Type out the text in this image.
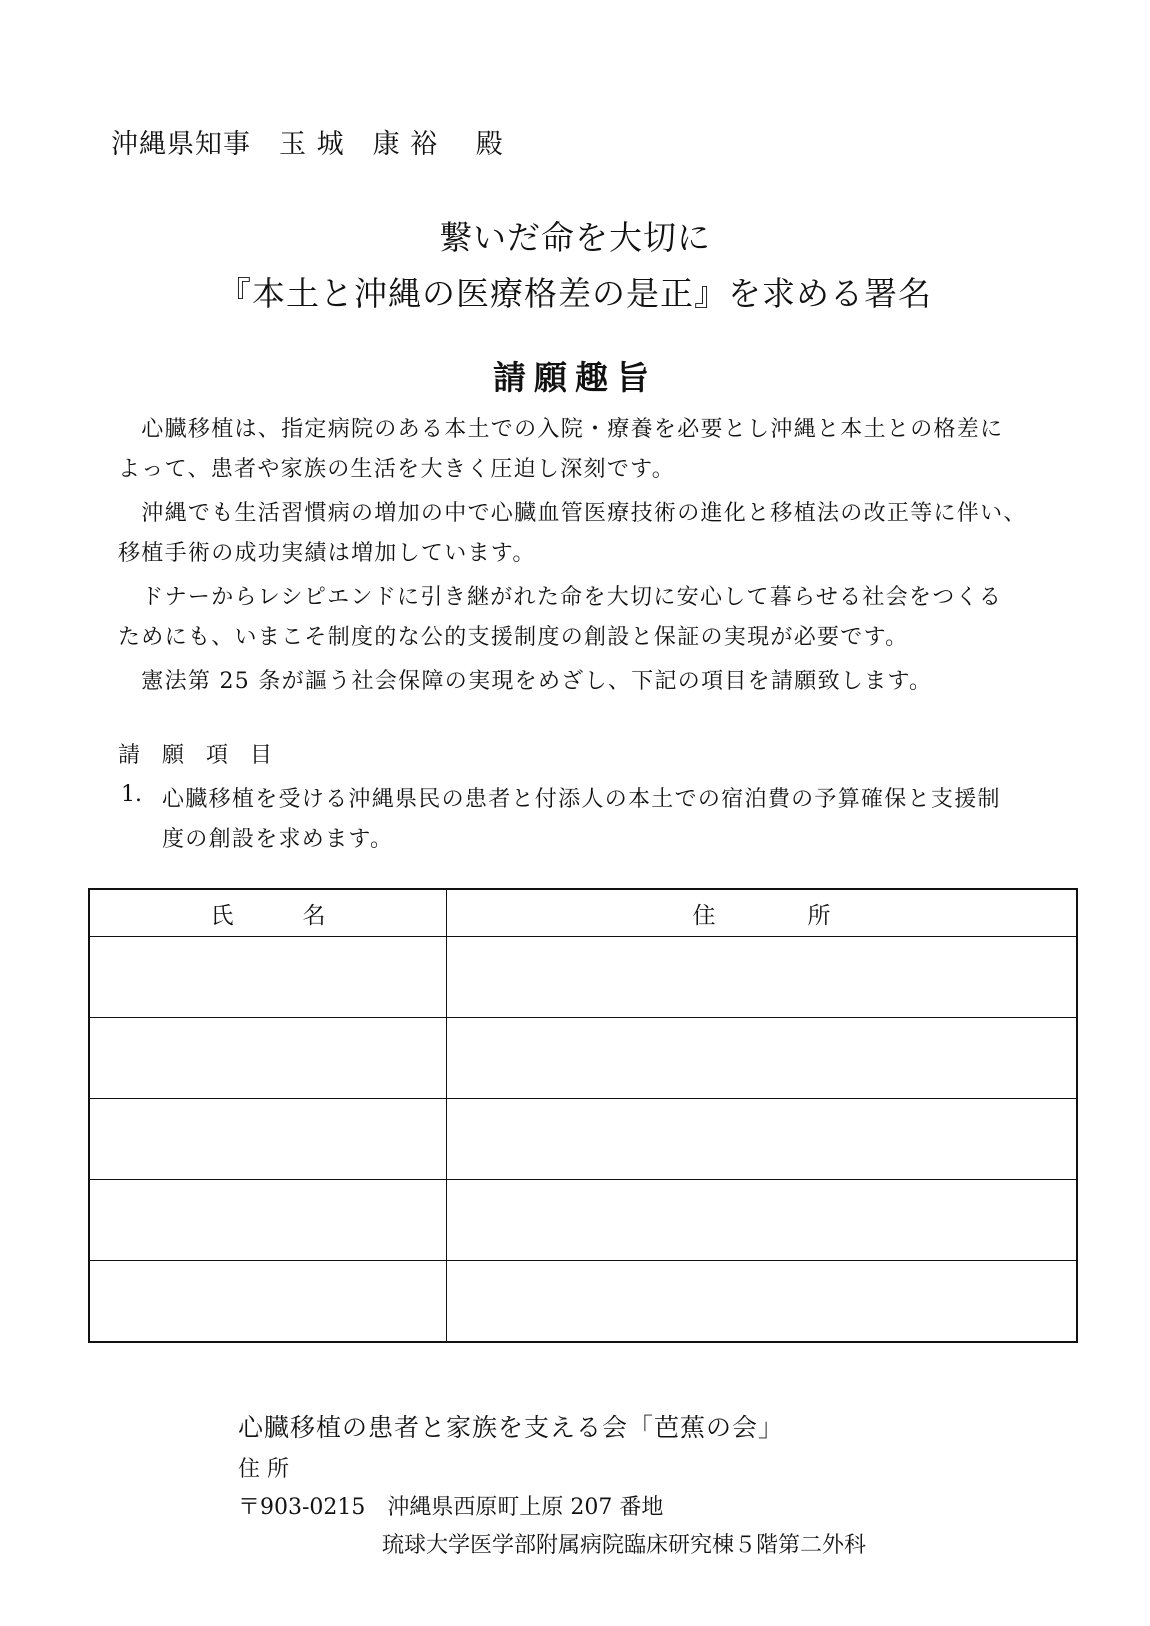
沖縄県知事　玉 城　康 裕　 殿
繋いだ命を大切に
『本土と沖縄の医療格差の是正』を求める署名
請願趣旨
　心臓移植は、指定病院のある本土での入院・療養を必要とし沖縄と本土との格差に
よって、患者や家族の生活を大きく圧迫し深刻です。
　沖縄でも生活習慣病の増加の中で心臓血管医療技術の進化と移植法の改正等に伴い、
移植手術の成功実績は増加しています。
　ドナーからレシピエンドに引き継がれた命を大切に安心して暮らせる社会をつくる
ためにも、いまこそ制度的な公的支援制度の創設と保証の実現が必要です。
　憲法第 25 条が謳う社会保障の実現をめざし、下記の項目を請願致します。
請　願　項　目
1. 心臓移植を受ける沖縄県民の患者と付添人の本土での宿泊費の予算確保と支援制
度の創設を求めます。
氏　　　名	住　　　　所

心臓移植の患者と家族を支える会「芭蕉の会」
住 所
〒903-0215　沖縄県西原町上原 207 番地
琉球大学医学部附属病院臨床研究棟５階第二外科
